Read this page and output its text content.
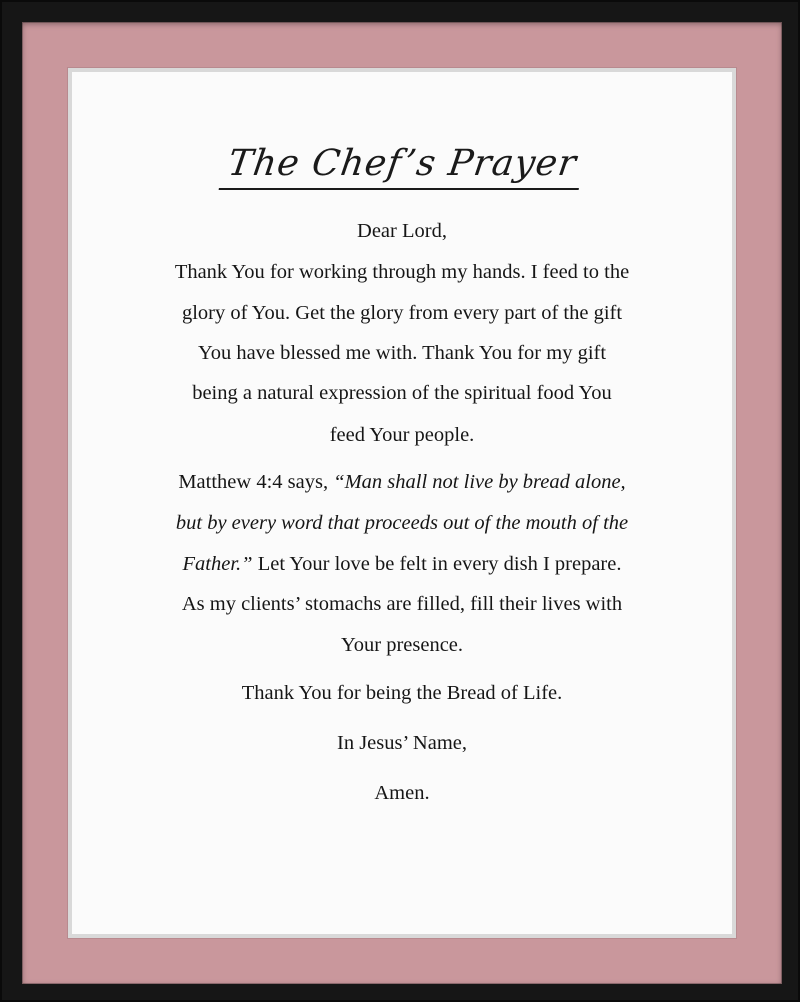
The Chef’s Prayer
Dear Lord,
Thank You for working through my hands. I feed to the
glory of You. Get the glory from every part of the gift
You have blessed me with. Thank You for my gift
being a natural expression of the spiritual food You
feed Your people.
Matthew 4:4 says, “Man shall not live by bread alone,
but by every word that proceeds out of the mouth of the
Father.” Let Your love be felt in every dish I prepare.
As my clients’ stomachs are filled, fill their lives with
Your presence.
Thank You for being the Bread of Life.
In Jesus’ Name,
Amen.
